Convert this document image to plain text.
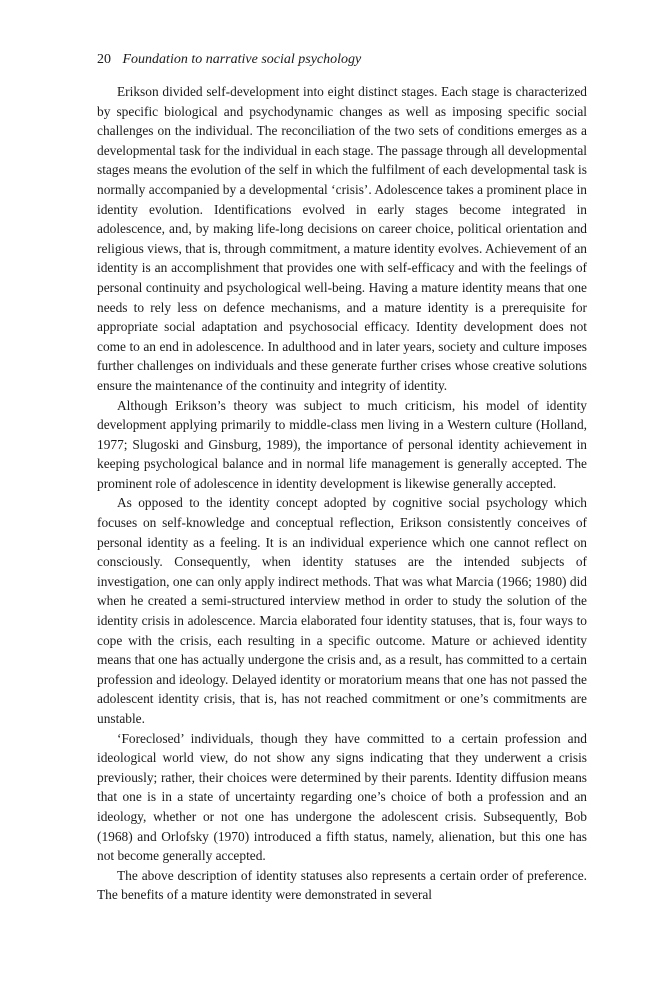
20 Foundation to narrative social psychology

Erikson divided self-development into eight distinct stages. Each stage is characterized by specific biological and psychodynamic changes as well as imposing specific social challenges on the individual. The reconciliation of the two sets of conditions emerges as a developmental task for the individual in each stage. The passage through all developmental stages means the evolution of the self in which the fulfilment of each developmental task is normally accompanied by a developmental ‘crisis’. Adolescence takes a prominent place in identity evolution. Identifications evolved in early stages become integrated in adolescence, and, by making life-long decisions on career choice, political orientation and religious views, that is, through commitment, a mature identity evolves. Achievement of an identity is an accomplishment that provides one with self-efficacy and with the feelings of personal continuity and psychological well-being. Having a mature identity means that one needs to rely less on defence mechanisms, and a mature identity is a prerequisite for appropriate social adaptation and psychosocial efficacy. Identity development does not come to an end in adolescence. In adulthood and in later years, society and culture imposes further challenges on individuals and these generate further crises whose creative solutions ensure the maintenance of the continuity and integrity of identity.

Although Erikson’s theory was subject to much criticism, his model of identity development applying primarily to middle-class men living in a Western culture (Holland, 1977; Slugoski and Ginsburg, 1989), the importance of personal identity achievement in keeping psychological balance and in normal life management is generally accepted. The prominent role of adolescence in identity development is likewise generally accepted.

As opposed to the identity concept adopted by cognitive social psychology which focuses on self-knowledge and conceptual reflection, Erikson consistently conceives of personal identity as a feeling. It is an individual experience which one cannot reflect on consciously. Consequently, when identity statuses are the intended subjects of investigation, one can only apply indirect methods. That was what Marcia (1966; 1980) did when he created a semi-structured interview method in order to study the solution of the identity crisis in adolescence. Marcia elaborated four identity statuses, that is, four ways to cope with the crisis, each resulting in a specific outcome. Mature or achieved identity means that one has actually undergone the crisis and, as a result, has committed to a certain profession and ideology. Delayed identity or moratorium means that one has not passed the adolescent identity crisis, that is, has not reached commitment or one’s commitments are unstable.

‘Foreclosed’ individuals, though they have committed to a certain profession and ideological world view, do not show any signs indicating that they underwent a crisis previously; rather, their choices were determined by their parents. Identity diffusion means that one is in a state of uncertainty regarding one’s choice of both a profession and an ideology, whether or not one has undergone the adolescent crisis. Subsequently, Bob (1968) and Orlofsky (1970) introduced a fifth status, namely, alienation, but this one has not become generally accepted.

The above description of identity statuses also represents a certain order of preference. The benefits of a mature identity were demonstrated in several
